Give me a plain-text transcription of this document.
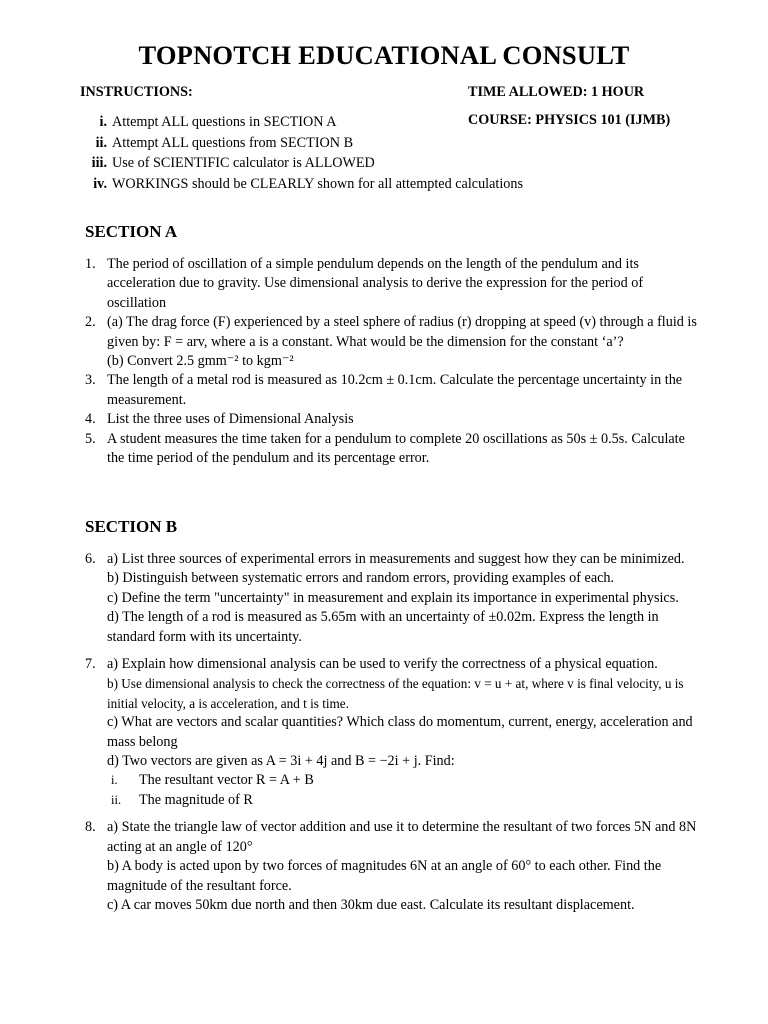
TOPNOTCH EDUCATIONAL CONSULT
INSTRUCTIONS:	TIME ALLOWED: 1 HOUR
COURSE: PHYSICS 101 (IJMB)
i. Attempt ALL questions in SECTION A
ii. Attempt ALL questions from SECTION B
iii. Use of SCIENTIFIC calculator is ALLOWED
iv. WORKINGS should be CLEARLY shown for all attempted calculations
SECTION A
1. The period of oscillation of a simple pendulum depends on the length of the pendulum and its acceleration due to gravity. Use dimensional analysis to derive the expression for the period of oscillation
2. (a) The drag force (F) experienced by a steel sphere of radius (r) dropping at speed (v) through a fluid is given by: F = arv, where a is a constant. What would be the dimension for the constant ‘a’?
(b) Convert 2.5 gmm⁻² to kgm⁻²
3. The length of a metal rod is measured as 10.2cm ± 0.1cm. Calculate the percentage uncertainty in the measurement.
4. List the three uses of Dimensional Analysis
5. A student measures the time taken for a pendulum to complete 20 oscillations as 50s ± 0.5s. Calculate the time period of the pendulum and its percentage error.
SECTION B
6. a) List three sources of experimental errors in measurements and suggest how they can be minimized.
b) Distinguish between systematic errors and random errors, providing examples of each.
c) Define the term "uncertainty" in measurement and explain its importance in experimental physics.
d) The length of a rod is measured as 5.65m with an uncertainty of ±0.02m. Express the length in standard form with its uncertainty.
7. a) Explain how dimensional analysis can be used to verify the correctness of a physical equation.
b) Use dimensional analysis to check the correctness of the equation: v = u + at, where v is final velocity, u is initial velocity, a is acceleration, and t is time.
c) What are vectors and scalar quantities? Which class do momentum, current, energy, acceleration and mass belong
d) Two vectors are given as A = 3i + 4j and B = −2i + j. Find:
i.	The resultant vector R = A + B
ii.	The magnitude of R
8. a) State the triangle law of vector addition and use it to determine the resultant of two forces 5N and 8N acting at an angle of 120°
b) A body is acted upon by two forces of magnitudes 6N at an angle of 60° to each other. Find the magnitude of the resultant force.
c) A car moves 50km due north and then 30km due east. Calculate its resultant displacement.
